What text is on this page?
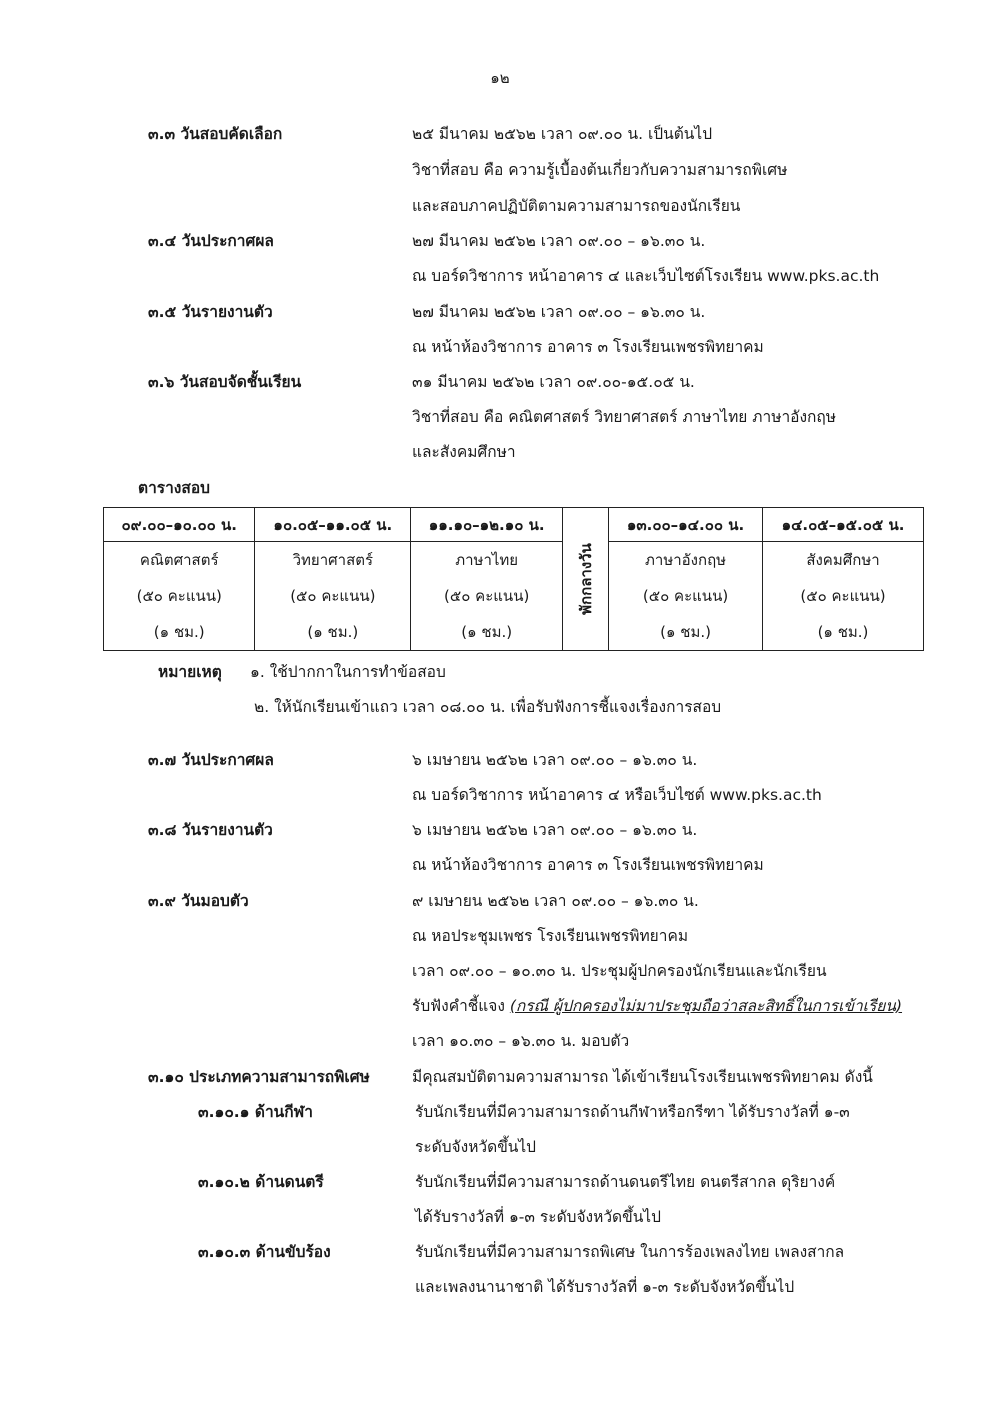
๑๒
๓.๓ วันสอบคัดเลือก	๒๕ มีนาคม ๒๕๖๒ เวลา ๐๙.๐๐ น. เป็นต้นไป
วิชาที่สอบ คือ ความรู้เบื้องต้นเกี่ยวกับความสามารถพิเศษ
และสอบภาคปฏิบัติตามความสามารถของนักเรียน
๓.๔ วันประกาศผล	๒๗ มีนาคม ๒๕๖๒ เวลา ๐๙.๐๐ – ๑๖.๓๐ น.
ณ บอร์ดวิชาการ หน้าอาคาร ๔ และเว็บไซต์โรงเรียน www.pks.ac.th
๓.๕ วันรายงานตัว	๒๗ มีนาคม ๒๕๖๒ เวลา ๐๙.๐๐ – ๑๖.๓๐ น.
ณ หน้าห้องวิชาการ อาคาร ๓ โรงเรียนเพชรพิทยาคม
๓.๖ วันสอบจัดชั้นเรียน	๓๑ มีนาคม ๒๕๖๒ เวลา ๐๙.๐๐-๑๕.๐๕ น.
วิชาที่สอบ คือ คณิตศาสตร์ วิทยาศาสตร์ ภาษาไทย ภาษาอังกฤษ
และสังคมศึกษา
ตารางสอบ
๐๙.๐๐–๑๐.๐๐ น.	๑๐.๐๕–๑๑.๐๕ น.	๑๑.๑๐–๑๒.๑๐ น.	พักกลางวัน	๑๓.๐๐–๑๔.๐๐ น.	๑๔.๐๕–๑๕.๐๕ น.

คณิตศาสตร์
(๕๐ คะแนน)
(๑ ชม.)	วิทยาศาสตร์
(๕๐ คะแนน)
(๑ ชม.)	ภาษาไทย
(๕๐ คะแนน)
(๑ ชม.)		ภาษาอังกฤษ
(๕๐ คะแนน)
(๑ ชม.)	สังคมศึกษา
(๕๐ คะแนน)
(๑ ชม.)
หมายเหตุ ๑. ใช้ปากกาในการทำข้อสอบ
๒. ให้นักเรียนเข้าแถว เวลา ๐๘.๐๐ น. เพื่อรับฟังการชี้แจงเรื่องการสอบ
๓.๗ วันประกาศผล	๖ เมษายน ๒๕๖๒ เวลา ๐๙.๐๐ – ๑๖.๓๐ น.
ณ บอร์ดวิชาการ หน้าอาคาร ๔ หรือเว็บไซต์ www.pks.ac.th
๓.๘ วันรายงานตัว	๖ เมษายน ๒๕๖๒ เวลา ๐๙.๐๐ – ๑๖.๓๐ น.
ณ หน้าห้องวิชาการ อาคาร ๓ โรงเรียนเพชรพิทยาคม
๓.๙ วันมอบตัว	๙ เมษายน ๒๕๖๒ เวลา ๐๙.๐๐ – ๑๖.๓๐ น.
ณ หอประชุมเพชร โรงเรียนเพชรพิทยาคม
เวลา ๐๙.๐๐ – ๑๐.๓๐ น. ประชุมผู้ปกครองนักเรียนและนักเรียน
รับฟังคำชี้แจง (กรณี ผู้ปกครองไม่มาประชุมถือว่าสละสิทธิ์ในการเข้าเรียน)
เวลา ๑๐.๓๐ – ๑๖.๓๐ น. มอบตัว
๓.๑๐ ประเภทความสามารถพิเศษ	มีคุณสมบัติตามความสามารถ ได้เข้าเรียนโรงเรียนเพชรพิทยาคม ดังนี้
๓.๑๐.๑ ด้านกีฬา	รับนักเรียนที่มีความสามารถด้านกีฬาหรือกรีฑา ได้รับรางวัลที่ ๑-๓
ระดับจังหวัดขึ้นไป
๓.๑๐.๒ ด้านดนตรี	รับนักเรียนที่มีความสามารถด้านดนตรีไทย ดนตรีสากล ดุริยางค์
ได้รับรางวัลที่ ๑-๓ ระดับจังหวัดขึ้นไป
๓.๑๐.๓ ด้านขับร้อง	รับนักเรียนที่มีความสามารถพิเศษ ในการร้องเพลงไทย เพลงสากล
และเพลงนานาชาติ ได้รับรางวัลที่ ๑-๓ ระดับจังหวัดขึ้นไป
